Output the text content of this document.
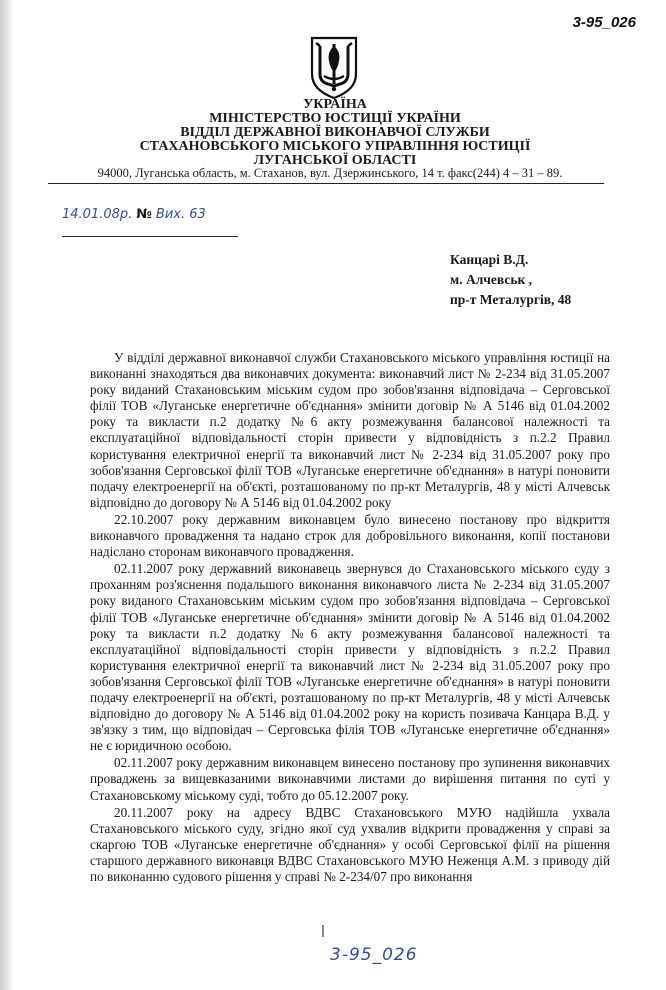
3-95_026
УКРАЇНА
МІНІСТЕРСТВО ЮСТИЦІЇ УКРАЇНИ
ВІДДІЛ ДЕРЖАВНОЇ ВИКОНАВЧОЇ СЛУЖБИ
СТАХАНОВСЬКОГО МІСЬКОГО УПРАВЛІННЯ ЮСТИЦІЇ
ЛУГАНСЬКОЇ ОБЛАСТІ
94000, Луганська область, м. Стаханов, вул. Дзержинського, 14 т. факс(244) 4 – 31 – 89.
14.01.08р. № Вих. 63
Канцарі В.Д.
м. Алчевськ ,
пр-т Металургів, 48

У відділі державної виконавчої служби Стахановського міського управління юстиції на виконанні знаходяться два виконавчих документа: виконавчий лист № 2-234 від 31.05.2007 року виданий Стахановським міським судом про зобов'язання відповідача – Серговської філії ТОВ «Луганське енергетичне об'єднання» змінити договір № А 5146 від 01.04.2002 року та викласти п.2 додатку №6 акту розмежування балансової належності та експлуатаційної відповідальності сторін привести у відповідність з п.2.2 Правил користування електричної енергії та виконавчий лист № 2-234 від 31.05.2007 року про зобов'язання Серговської філії ТОВ «Луганське енергетичне об'єднання» в натурі поновити подачу електроенергії на об'єкті, розташованому по пр-кт Металургів, 48 у місті Алчевськ відповідно до договору № А 5146 від 01.04.2002 року

22.10.2007 року державним виконавцем було винесено постанову про відкриття виконавчого провадження та надано строк для добровільного виконання, копії постанови надіслано сторонам виконавчого провадження.

02.11.2007 року державний виконавець звернувся до Стахановського міського суду з проханням роз'яснення подальшого виконання виконавчого листа № 2-234 від 31.05.2007 року виданого Стахановським міським судом про зобов'язання відповідача – Серговської філії ТОВ «Луганське енергетичне об'єднання» змінити договір № А 5146 від 01.04.2002 року та викласти п.2 додатку №6 акту розмежування балансової належності та експлуатаційної відповідальності сторін привести у відповідність з п.2.2 Правил користування електричної енергії та виконавчий лист № 2-234 від 31.05.2007 року про зобов'язання Серговської філії ТОВ «Луганське енергетичне об'єднання» в натурі поновити подачу електроенергії на об'єкті, розташованому по пр-кт Металургів, 48 у місті Алчевськ відповідно до договору № А 5146 від 01.04.2002 року на користь позивача Канцара В.Д. у зв'язку з тим, що відповідач – Серговська філія ТОВ «Луганське енергетичне об'єднання» не є юридичною особою.

02.11.2007 року державним виконавцем винесено постанову про зупинення виконавчих проваджень за вищевказаними виконавчими листами до вирішення питання по суті у Стахановському міському суді, тобто до 05.12.2007 року.

20.11.2007 року на адресу ВДВС Стахановського МУЮ надійшла ухвала Стахановського міського суду, згідно якої суд ухвалив відкрити провадження у справі за скаргою ТОВ «Луганське енергетичне об'єднання» у особі Серговської філії на рішення старшого державного виконавця ВДВС Стахановського МУЮ Неженця А.М. з приводу дій по виконанню судового рішення у справі № 2-234/07 про виконання

3-95_026
